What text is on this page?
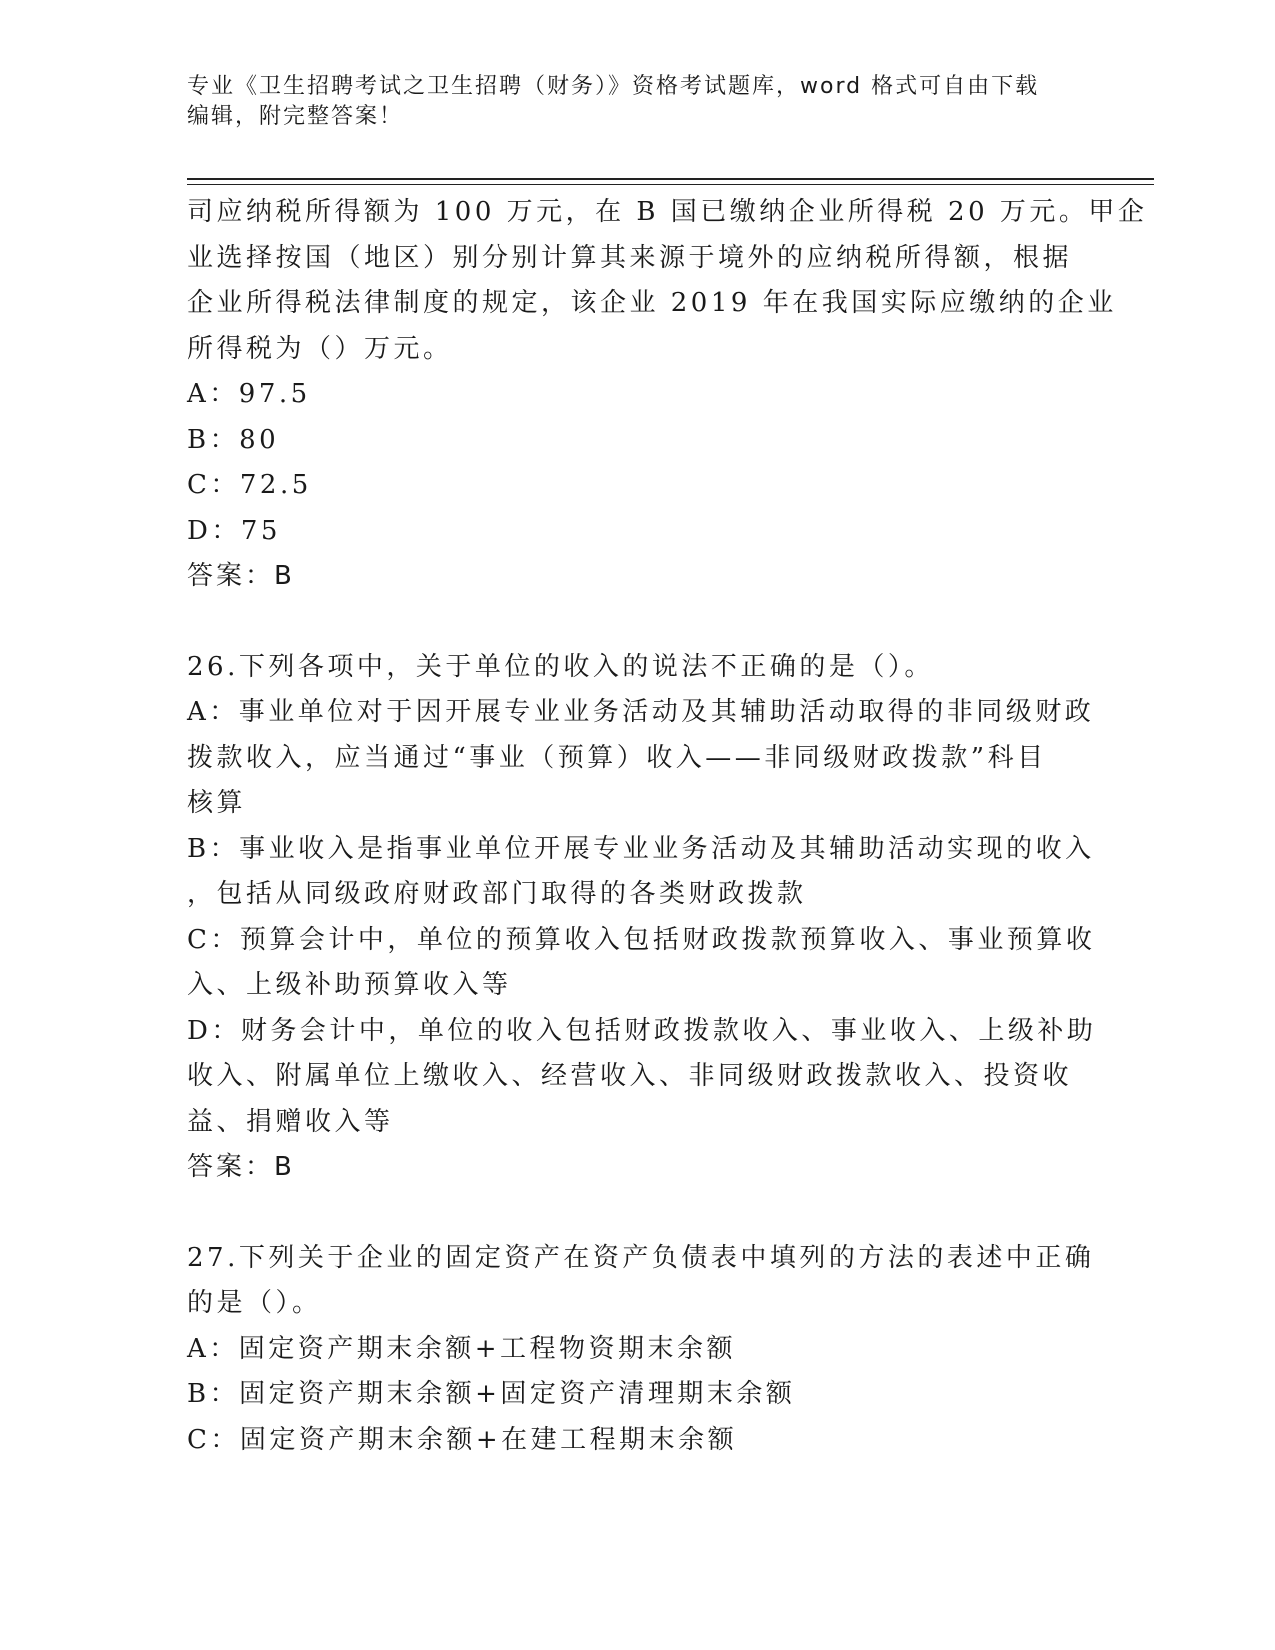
专业《卫生招聘考试之卫生招聘（财务）》资格考试题库，word 格式可自由下载
编辑，附完整答案！
司应纳税所得额为 100 万元，在 B 国已缴纳企业所得税 20 万元。甲企
业选择按国（地区）别分别计算其来源于境外的应纳税所得额，根据
企业所得税法律制度的规定，该企业 2019 年在我国实际应缴纳的企业
所得税为（）万元。
A：97.5
B：80
C：72.5
D：75
答案：B
26.下列各项中，关于单位的收入的说法不正确的是（）。
A：事业单位对于因开展专业业务活动及其辅助活动取得的非同级财政
拨款收入，应当通过“事业（预算）收入——非同级财政拨款”科目
核算
B：事业收入是指事业单位开展专业业务活动及其辅助活动实现的收入
，包括从同级政府财政部门取得的各类财政拨款
C：预算会计中，单位的预算收入包括财政拨款预算收入、事业预算收
入、上级补助预算收入等
D：财务会计中，单位的收入包括财政拨款收入、事业收入、上级补助
收入、附属单位上缴收入、经营收入、非同级财政拨款收入、投资收
益、捐赠收入等
答案：B
27.下列关于企业的固定资产在资产负债表中填列的方法的表述中正确
的是（）。
A：固定资产期末余额+工程物资期末余额
B：固定资产期末余额+固定资产清理期末余额
C：固定资产期末余额+在建工程期末余额
